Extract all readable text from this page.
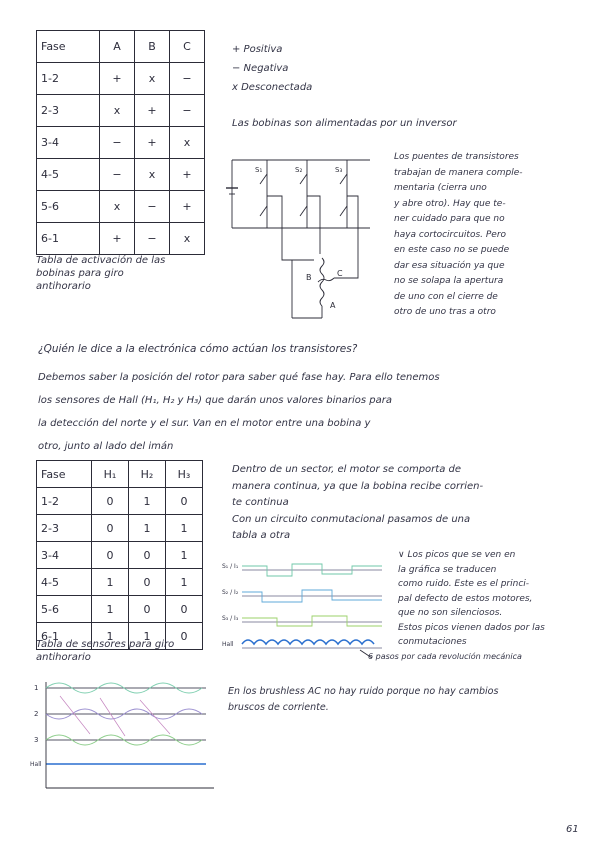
Fase	A	B	C
1-2	+	x	−
2-3	x	+	−
3-4	−	+	x
4-5	−	x	+
5-6	x	−	+
6-1	+	−	x
Tabla de activación de las bobinas para giro antihorario
+ Positiva
− Negativa
x Desconectada
Las bobinas son alimentadas por un inversor
S₁	S₂	S₃
B	C
A
Los puentes de transistores
trabajan de manera comple-
mentaria (cierra uno
y abre otro). Hay que te-
ner cuidado para que no
haya cortocircuitos. Pero
en este caso no se puede
dar esa situación ya que
no se solapa la apertura
de uno con el cierre de
otro de uno tras a otro
¿Quién le dice a la electrónica cómo actúan los transistores?
Debemos saber la posición del rotor para saber qué fase hay. Para ello tenemos
los sensores de Hall (H₁, H₂ y H₃) que darán unos valores binarios para
la detección del norte y el sur. Van en el motor entre una bobina y
otro, junto al lado del imán
Fase	H₁	H₂	H₃
1-2	0	1	0
2-3	0	1	1
3-4	0	0	1
4-5	1	0	1
5-6	1	0	0
6-1	1	1	0
Tabla de sensores para giro antihorario
Dentro de un sector, el motor se comporta de
manera continua, ya que la bobina recibe corrien-
te continua
Con un circuito conmutacional pasamos de una
tabla a otra
S₁ / I₁
S₂ / I₂
S₃ / I₃
Hall
∨ Los picos que se ven en
la gráfica se traducen
como ruido. Este es el princi-
pal defecto de estos motores,
que no son silenciosos.
Estos picos vienen dados por las
conmutaciones
6 pasos por cada revolución mecánica
En los brushless AC no hay ruido porque no hay cambios
bruscos de corriente.
1
2
3
Hall
61
